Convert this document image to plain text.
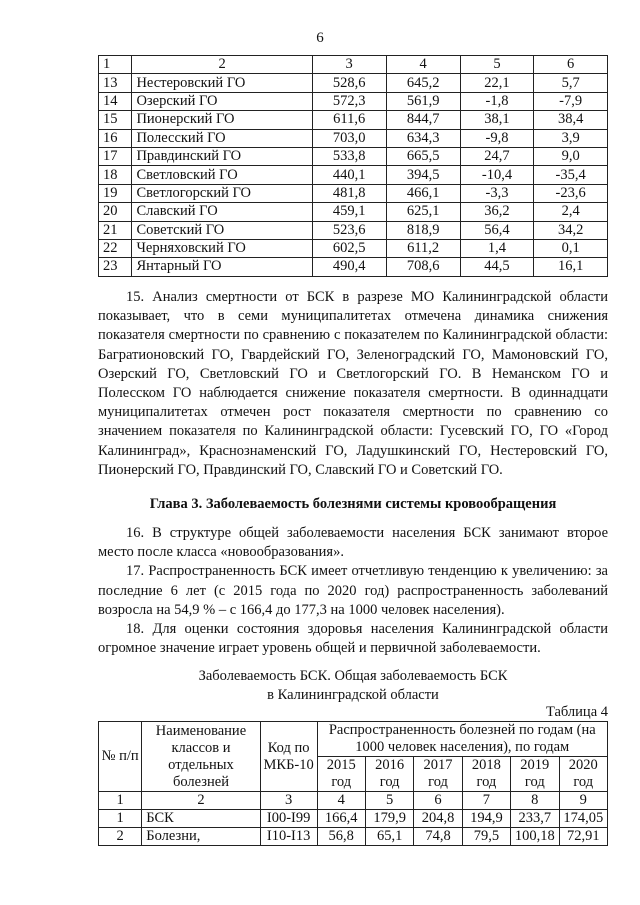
6
1	2	3	4	5	6
13	Нестеровский ГО	528,6	645,2	22,1	5,7
14	Озерский ГО	572,3	561,9	-1,8	-7,9
15	Пионерский ГО	611,6	844,7	38,1	38,4
16	Полесский ГО	703,0	634,3	-9,8	3,9
17	Правдинский ГО	533,8	665,5	24,7	9,0
18	Светловский ГО	440,1	394,5	-10,4	-35,4
19	Светлогорский ГО	481,8	466,1	-3,3	-23,6
20	Славский ГО	459,1	625,1	36,2	2,4
21	Советский ГО	523,6	818,9	56,4	34,2
22	Черняховский ГО	602,5	611,2	1,4	0,1
23	Янтарный ГО	490,4	708,6	44,5	16,1

15. Анализ смертности от БСК в разрезе МО Калининградской области показывает, что в семи муниципалитетах отмечена динамика снижения показателя смертности по сравнению с показателем по Калининградской области: Багратионовский ГО, Гвардейский ГО, Зеленоградский ГО, Мамоновский ГО, Озерский ГО, Светловский ГО и Светлогорский ГО. В Неманском ГО и Полесском ГО наблюдается снижение показателя смертности. В одиннадцати муниципалитетах отмечен рост показателя смертности по сравнению со значением показателя по Калининградской области: Гусевский ГО, ГО «Город Калининград», Краснознаменский ГО, Ладушкинский ГО, Нестеровский ГО, Пионерский ГО, Правдинский ГО, Славский ГО и Советский ГО.

Глава 3. Заболеваемость болезнями системы кровообращения

16. В структуре общей заболеваемости населения БСК занимают второе место после класса «новообразования».

17. Распространенность БСК имеет отчетливую тенденцию к увеличению: за последние 6 лет (с 2015 года по 2020 год) распространенность заболеваний возросла на 54,9 % – с 166,4 до 177,3 на 1000 человек населения).

18. Для оценки состояния здоровья населения Калининградской области огромное значение играет уровень общей и первичной заболеваемости.

Заболеваемость БСК. Общая заболеваемость БСК
в Калининградской области
Таблица 4
№ п/п	Наименование классов и отдельных болезней	Код по МКБ-10	Распространенность болезней по годам (на 1000 человек населения), по годам					
			2015 год	2016 год	2017 год	2018 год	2019 год	2020 год
1	2	3	4	5	6	7	8	9
1	БСК	I00-I99	166,4	179,9	204,8	194,9	233,7	174,05
2	Болезни,	I10-I13	56,8	65,1	74,8	79,5	100,18	72,91
